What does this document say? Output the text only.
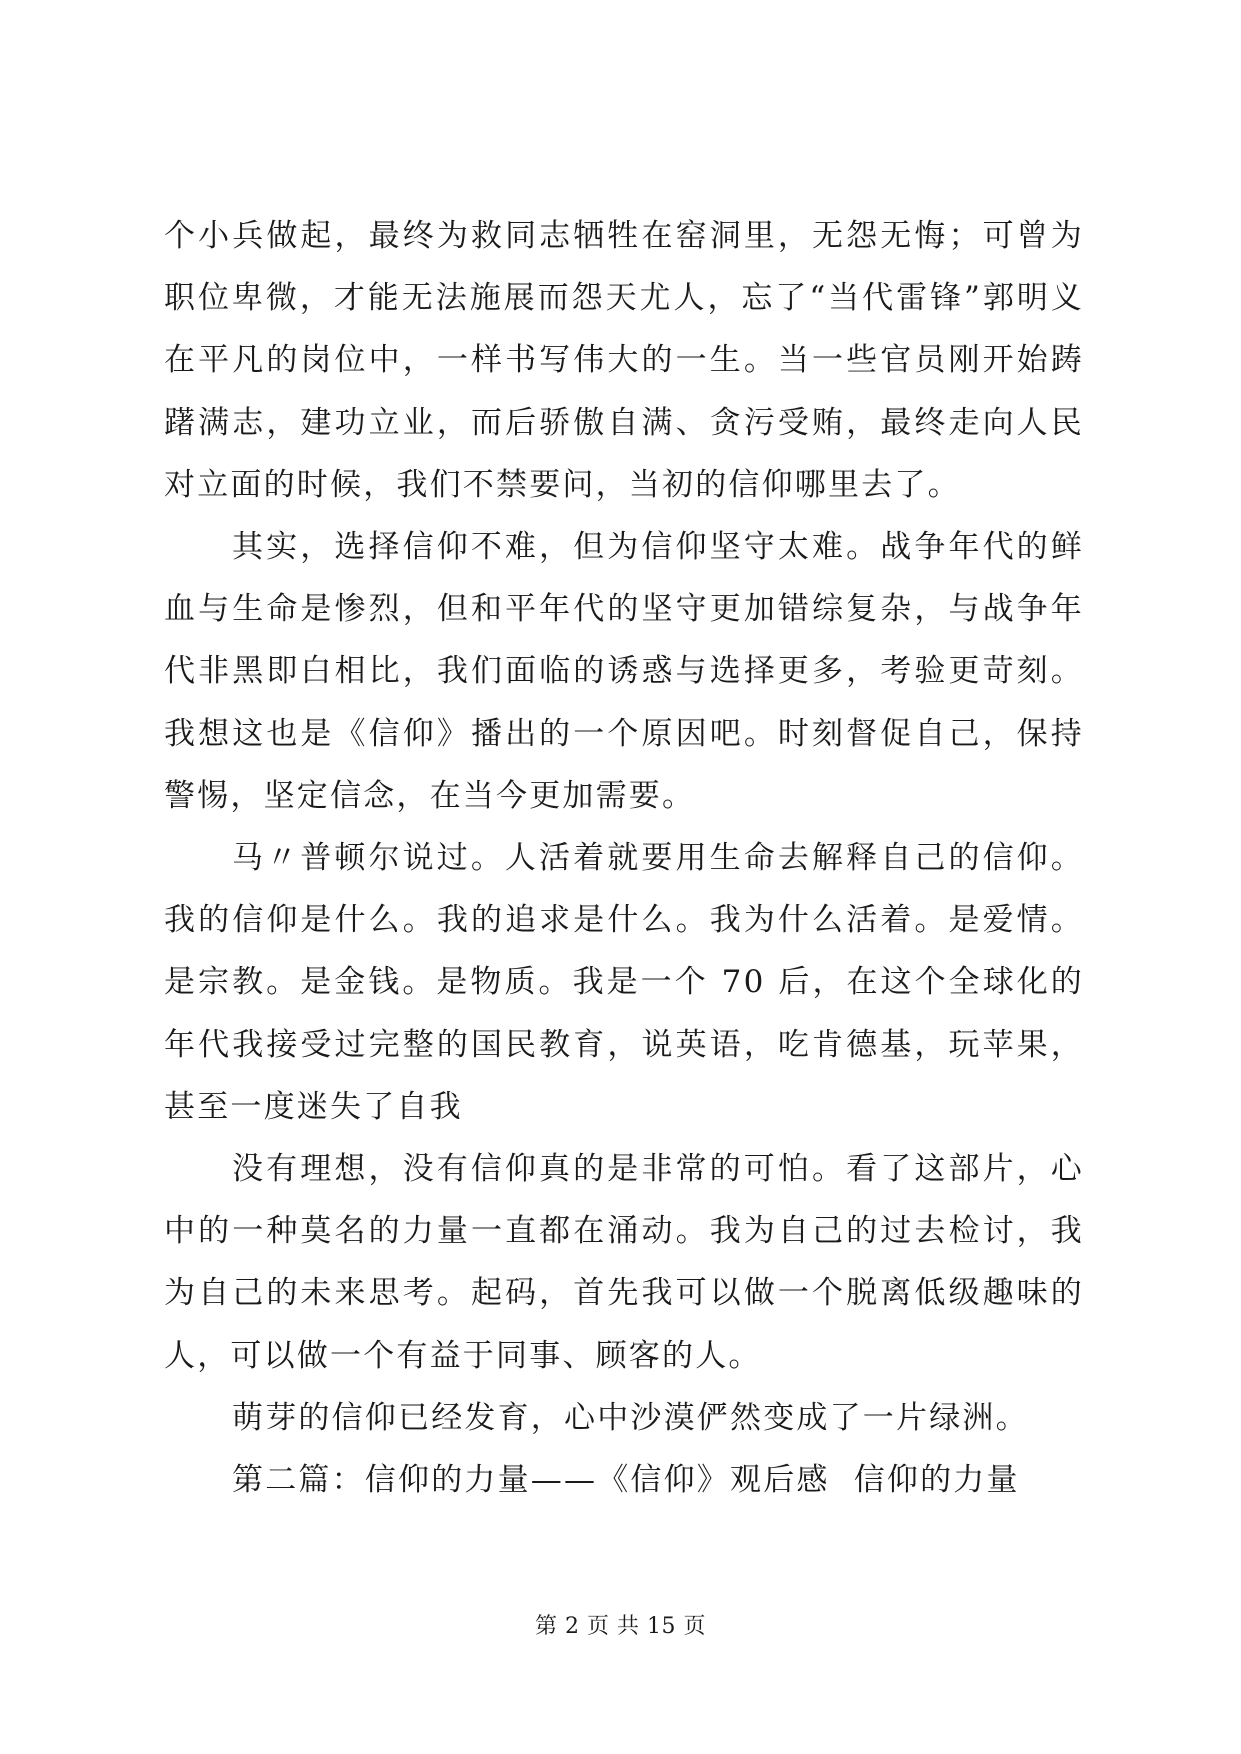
个小兵做起，最终为救同志牺牲在窑洞里，无怨无悔；可曾为职位卑微，才能无法施展而怨天尤人，忘了“当代雷锋”郭明义在平凡的岗位中，一样书写伟大的一生。当一些官员刚开始踌躇满志，建功立业，而后骄傲自满、贪污受贿，最终走向人民对立面的时候，我们不禁要问，当初的信仰哪里去了。

其实，选择信仰不难，但为信仰坚守太难。战争年代的鲜血与生命是惨烈，但和平年代的坚守更加错综复杂，与战争年代非黑即白相比，我们面临的诱惑与选择更多，考验更苛刻。我想这也是《信仰》播出的一个原因吧。时刻督促自己，保持警惕，坚定信念，在当今更加需要。

马〃普顿尔说过。人活着就要用生命去解释自己的信仰。我的信仰是什么。我的追求是什么。我为什么活着。是爱情。是宗教。是金钱。是物质。我是一个 70 后，在这个全球化的年代我接受过完整的国民教育，说英语，吃肯德基，玩苹果，甚至一度迷失了自我

没有理想，没有信仰真的是非常的可怕。看了这部片，心中的一种莫名的力量一直都在涌动。我为自己的过去检讨，我为自己的未来思考。起码，首先我可以做一个脱离低级趣味的人，可以做一个有益于同事、顾客的人。

萌芽的信仰已经发育，心中沙漠俨然变成了一片绿洲。

第二篇：信仰的力量——《信仰》观后感  信仰的力量

第 2 页 共 15 页
